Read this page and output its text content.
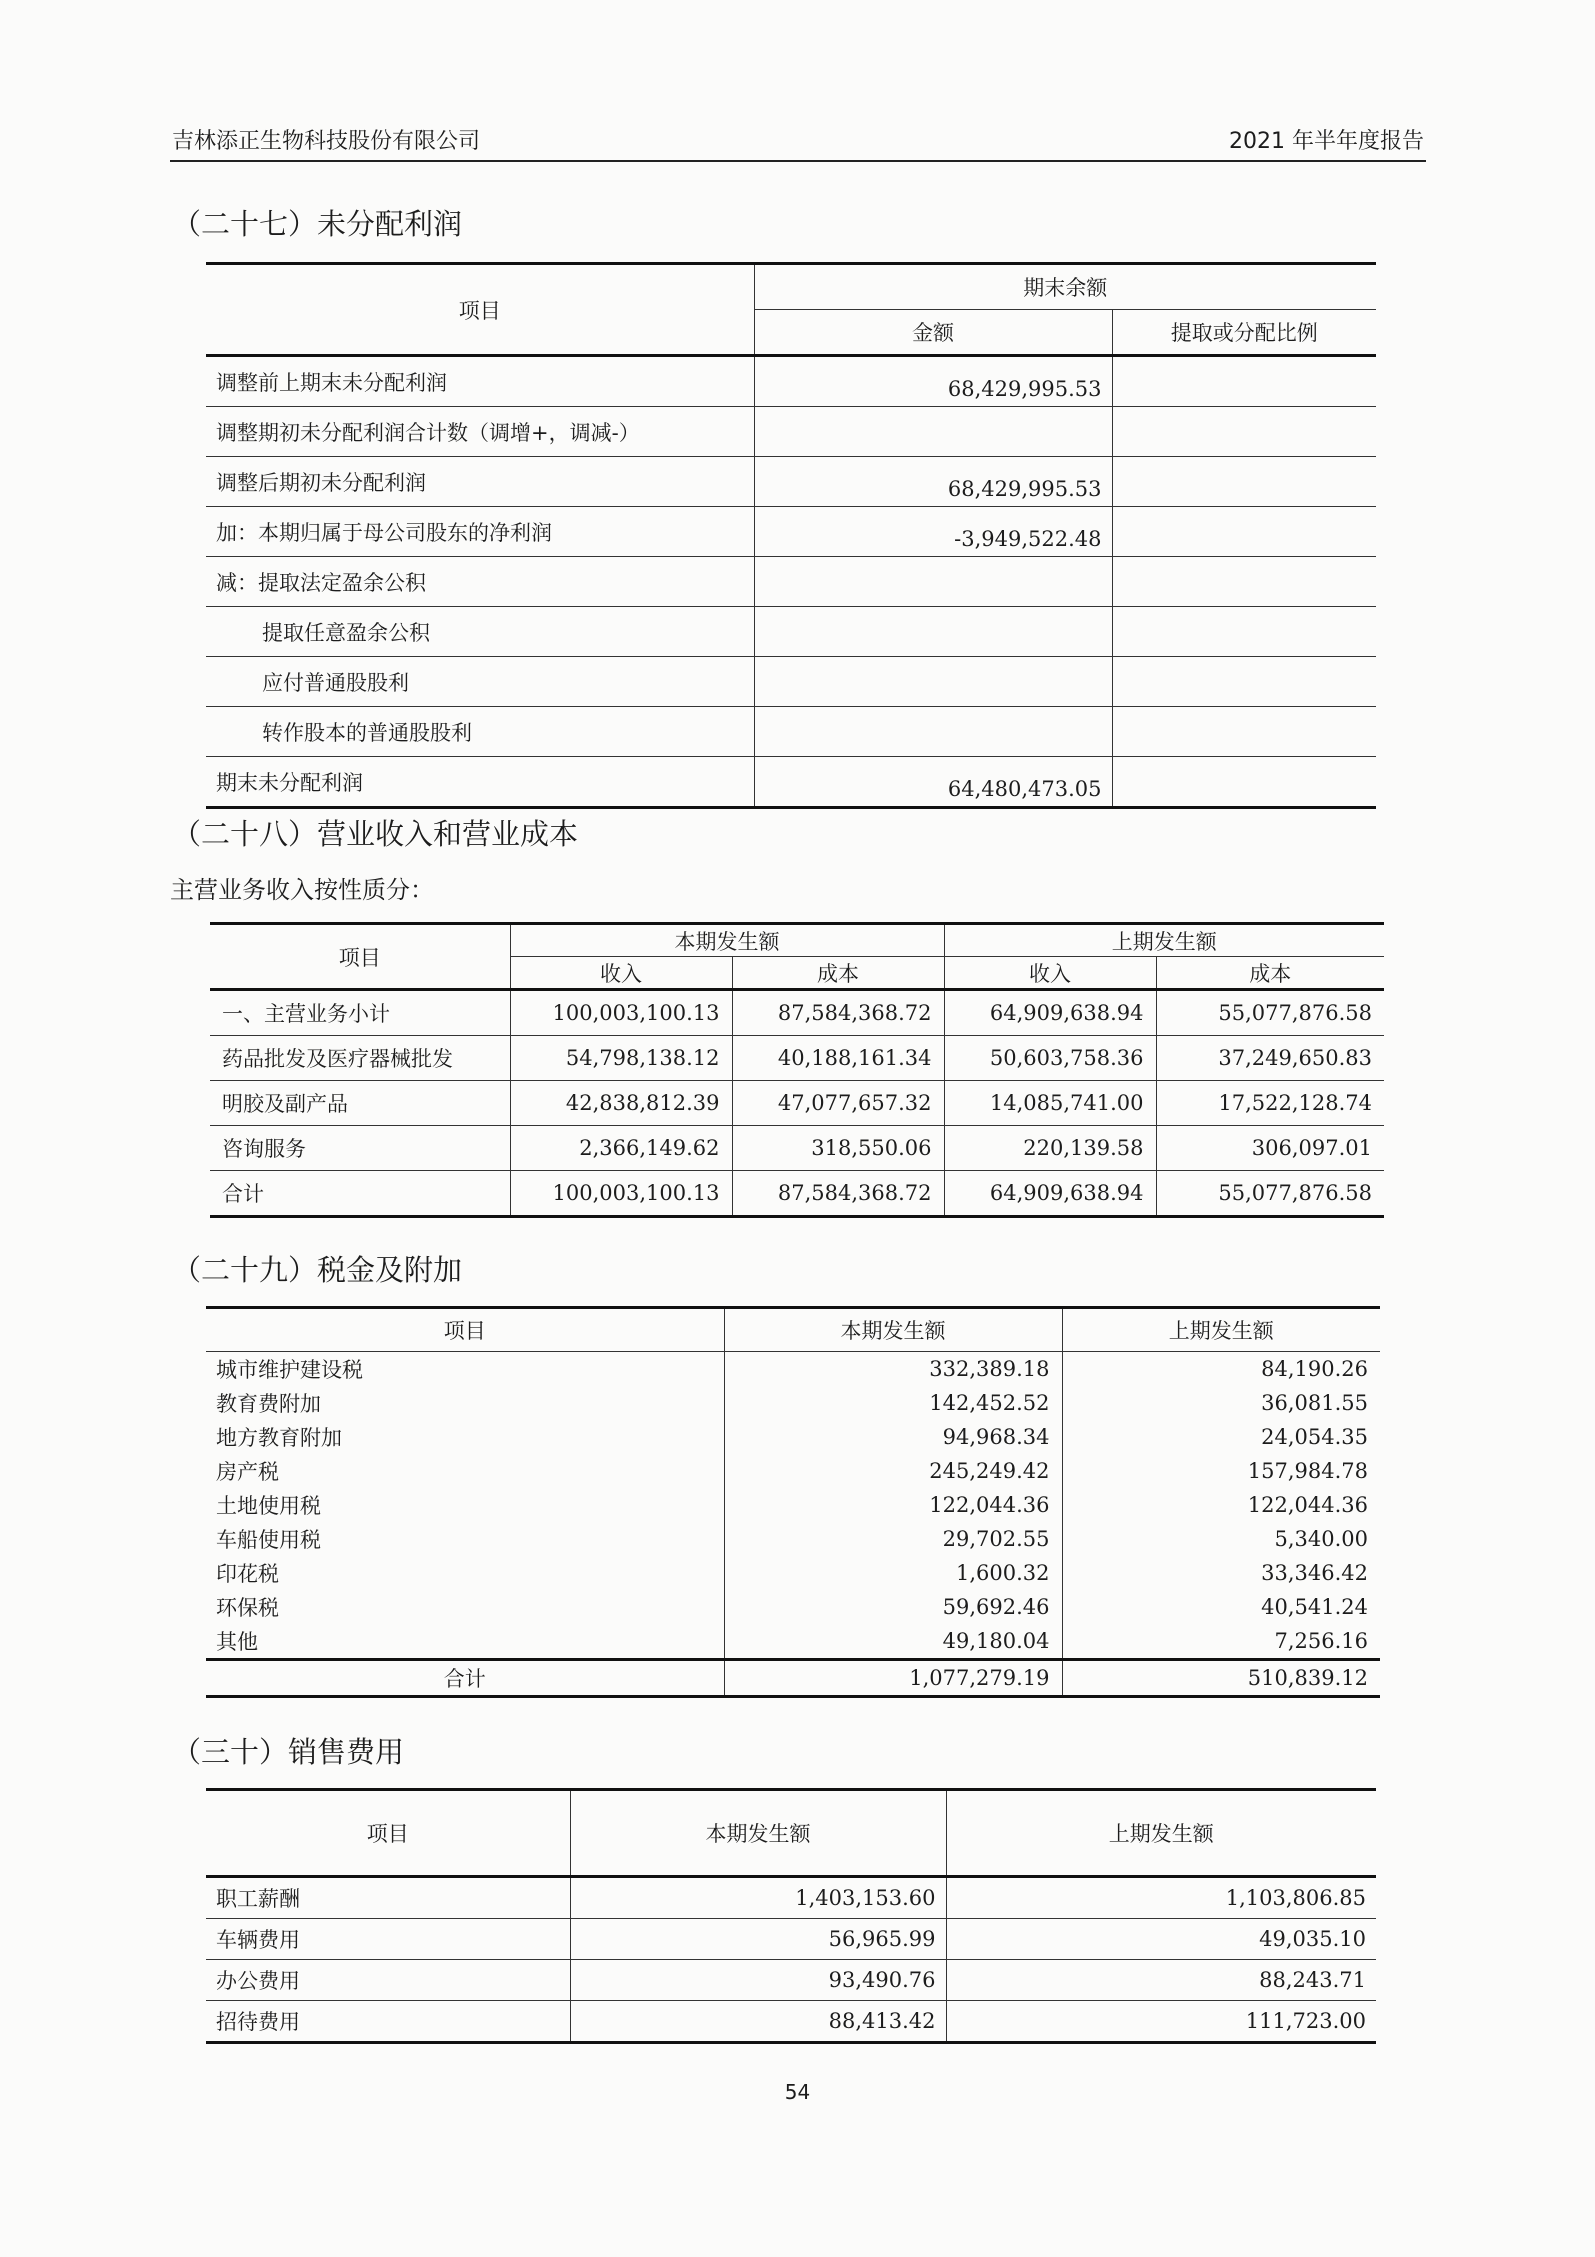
吉林添正生物科技股份有限公司	2021 年半年度报告
（二十七）未分配利润
项目	期末余额	
	金额	提取或分配比例
调整前上期末未分配利润	68,429,995.53	
调整期初未分配利润合计数（调增+，调减-）		
调整后期初未分配利润	68,429,995.53	
加：本期归属于母公司股东的净利润	-3,949,522.48	
减：提取法定盈余公积		
提取任意盈余公积		
应付普通股股利		
转作股本的普通股股利		
期末未分配利润	64,480,473.05	
（二十八）营业收入和营业成本
主营业务收入按性质分：
项目	本期发生额		上期发生额	
	收入	成本	收入	成本
一、主营业务小计	100,003,100.13	87,584,368.72	64,909,638.94	55,077,876.58
药品批发及医疗器械批发	54,798,138.12	40,188,161.34	50,603,758.36	37,249,650.83
明胶及副产品	42,838,812.39	47,077,657.32	14,085,741.00	17,522,128.74
咨询服务	2,366,149.62	318,550.06	220,139.58	306,097.01
合计	100,003,100.13	87,584,368.72	64,909,638.94	55,077,876.58
（二十九）税金及附加
项目	本期发生额	上期发生额
城市维护建设税	332,389.18	84,190.26
教育费附加	142,452.52	36,081.55
地方教育附加	94,968.34	24,054.35
房产税	245,249.42	157,984.78
土地使用税	122,044.36	122,044.36
车船使用税	29,702.55	5,340.00
印花税	1,600.32	33,346.42
环保税	59,692.46	40,541.24
其他	49,180.04	7,256.16
合计	1,077,279.19	510,839.12
（三十）销售费用
项目	本期发生额	上期发生额
职工薪酬	1,403,153.60	1,103,806.85
车辆费用	56,965.99	49,035.10
办公费用	93,490.76	88,243.71
招待费用	88,413.42	111,723.00
54
